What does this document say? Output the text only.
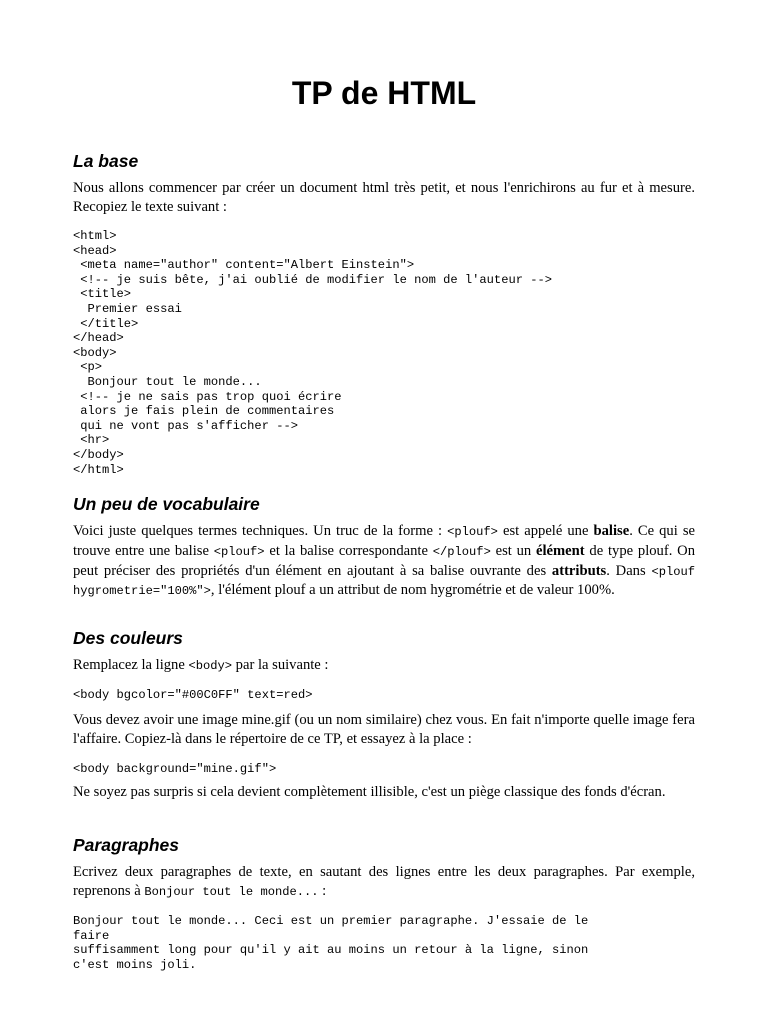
TP de HTML
La base

Nous allons commencer par créer un document html très petit, et nous l'enrichirons au fur et à mesure. Recopiez le texte suivant :

<html>
<head>
<meta name="author" content="Albert Einstein">
<!-- je suis bête, j'ai oublié de modifier le nom de l'auteur -->
<title>
Premier essai
</title>
</head>
<body>
<p>
Bonjour tout le monde...
<!-- je ne sais pas trop quoi écrire
alors je fais plein de commentaires
qui ne vont pas s'afficher -->
<hr>
</body>
</html>
Un peu de vocabulaire

Voici juste quelques termes techniques. Un truc de la forme : <plouf> est appelé une balise. Ce qui se trouve entre une balise <plouf> et la balise correspondante </plouf> est un élément de type plouf. On peut préciser des propriétés d'un élément en ajoutant à sa balise ouvrante des attributs. Dans <plouf hygrometrie="100%">, l'élément plouf a un attribut de nom hygrométrie et de valeur 100%.

Des couleurs

Remplacez la ligne <body> par la suivante :

<body bgcolor="#00C0FF" text=red>

Vous devez avoir une image mine.gif (ou un nom similaire) chez vous. En fait n'importe quelle image fera l'affaire. Copiez-là dans le répertoire de ce TP, et essayez à la place :

<body background="mine.gif">

Ne soyez pas surpris si cela devient complètement illisible, c'est un piège classique des fonds d'écran.

Paragraphes

Ecrivez deux paragraphes de texte, en sautant des lignes entre les deux paragraphes. Par exemple, reprenons à Bonjour tout le monde... :

Bonjour tout le monde... Ceci est un premier paragraphe. J'essaie de le
faire
suffisamment long pour qu'il y ait au moins un retour à la ligne, sinon
c'est moins joli.
